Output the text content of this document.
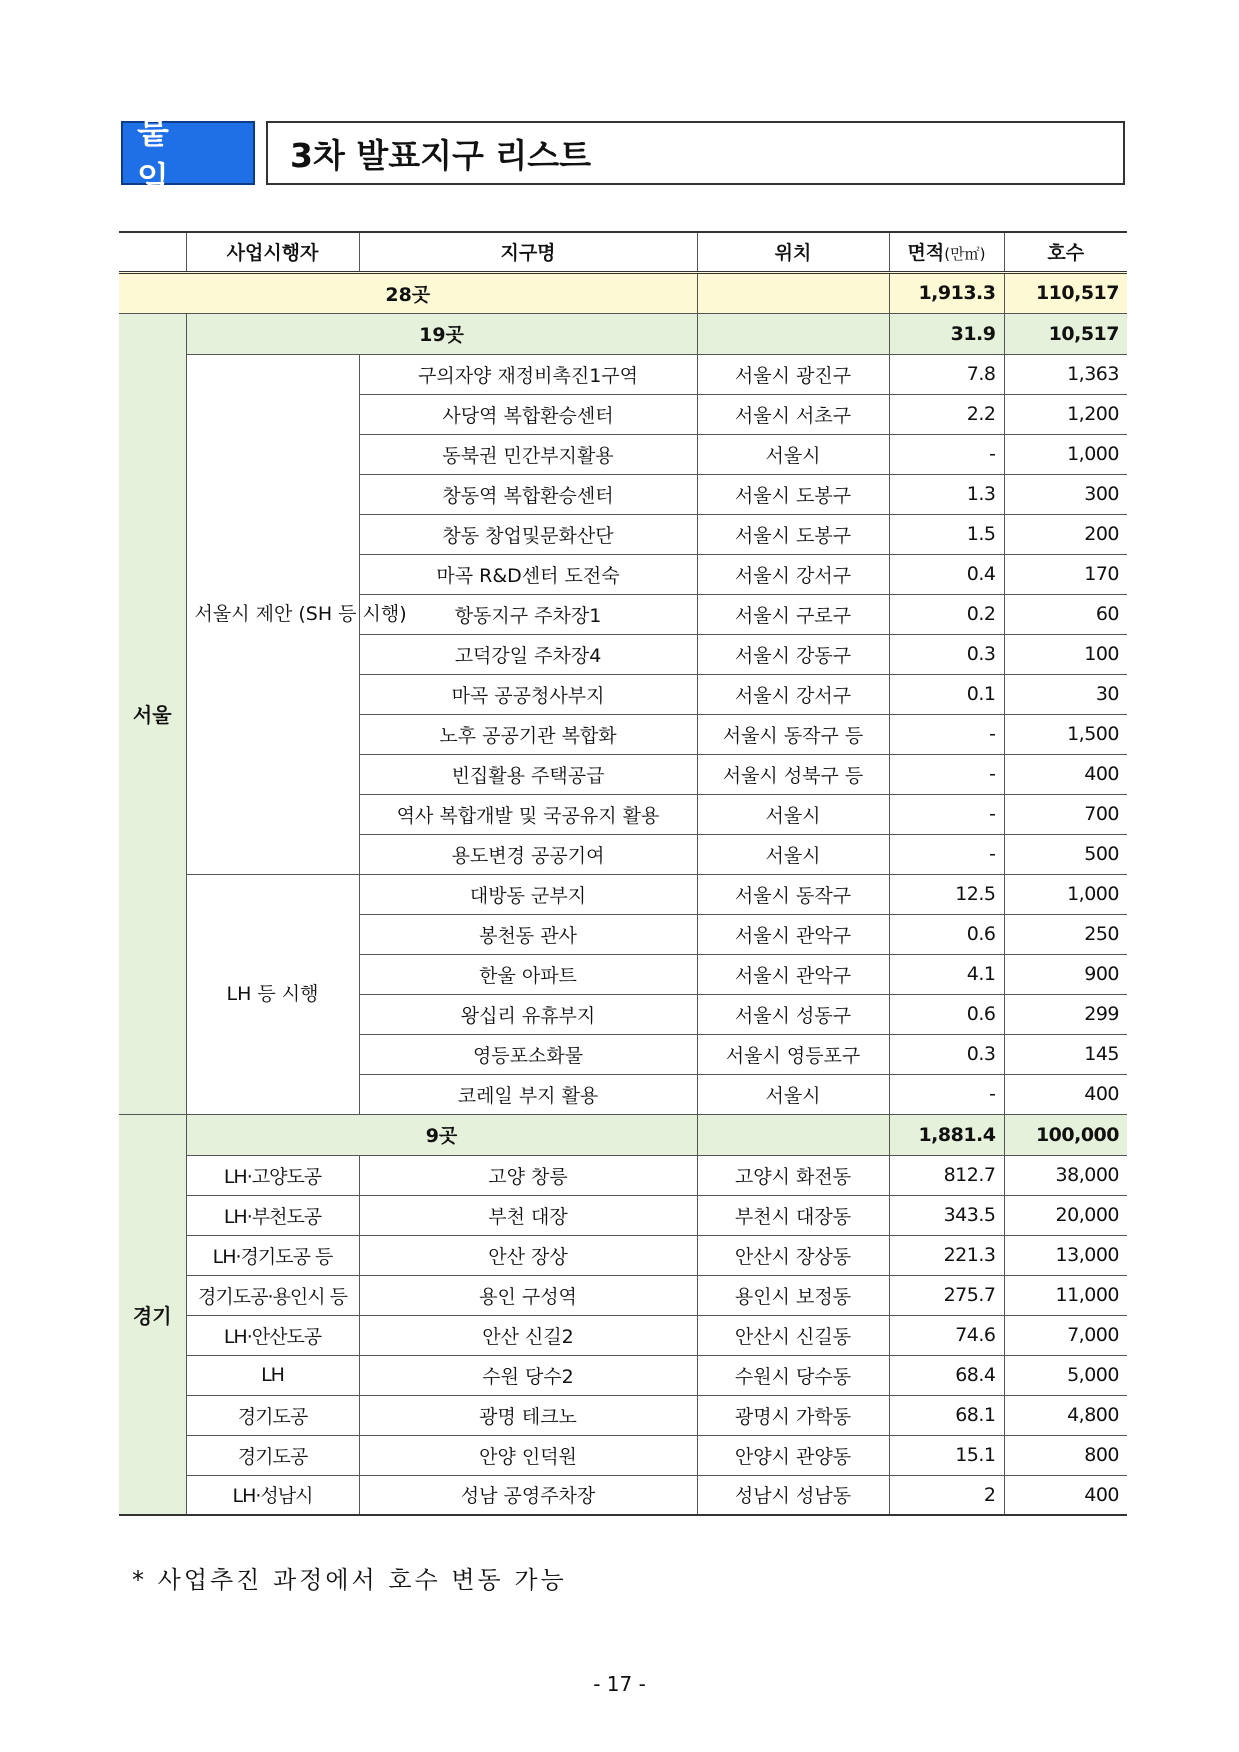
붙 임
3차 발표지구 리스트
	사업시행자	지구명	위치	면적(만㎡)	호수
28곳				1,913.3	110,517
서울	19곳			31.9	10,517
	서울시 제안 (SH 등 시행)	구의자양 재정비촉진1구역	서울시 광진구	7.8	1,363
		사당역 복합환승센터	서울시 서초구	2.2	1,200
		동북권 민간부지활용	서울시	-	1,000
		창동역 복합환승센터	서울시 도봉구	1.3	300
		창동 창업및문화산단	서울시 도봉구	1.5	200
		마곡 R&D센터 도전숙	서울시 강서구	0.4	170
		항동지구 주차장1	서울시 구로구	0.2	60
		고덕강일 주차장4	서울시 강동구	0.3	100
		마곡 공공청사부지	서울시 강서구	0.1	30
		노후 공공기관 복합화	서울시 동작구 등	-	1,500
		빈집활용 주택공급	서울시 성북구 등	-	400
		역사 복합개발 및 국공유지 활용	서울시	-	700
		용도변경 공공기여	서울시	-	500
	LH 등 시행	대방동 군부지	서울시 동작구	12.5	1,000
		봉천동 관사	서울시 관악구	0.6	250
		한울 아파트	서울시 관악구	4.1	900
		왕십리 유휴부지	서울시 성동구	0.6	299
		영등포소화물	서울시 영등포구	0.3	145
		코레일 부지 활용	서울시	-	400
경기	9곳			1,881.4	100,000
	LH·고양도공	고양 창릉	고양시 화전동	812.7	38,000
	LH·부천도공	부천 대장	부천시 대장동	343.5	20,000
	LH·경기도공 등	안산 장상	안산시 장상동	221.3	13,000
	경기도공·용인시 등	용인 구성역	용인시 보정동	275.7	11,000
	LH·안산도공	안산 신길2	안산시 신길동	74.6	7,000
	LH	수원 당수2	수원시 당수동	68.4	5,000
	경기도공	광명 테크노	광명시 가학동	68.1	4,800
	경기도공	안양 인덕원	안양시 관양동	15.1	800
	LH·성남시	성남 공영주차장	성남시 성남동	2	400
* 사업추진 과정에서 호수 변동 가능
- 17 -
